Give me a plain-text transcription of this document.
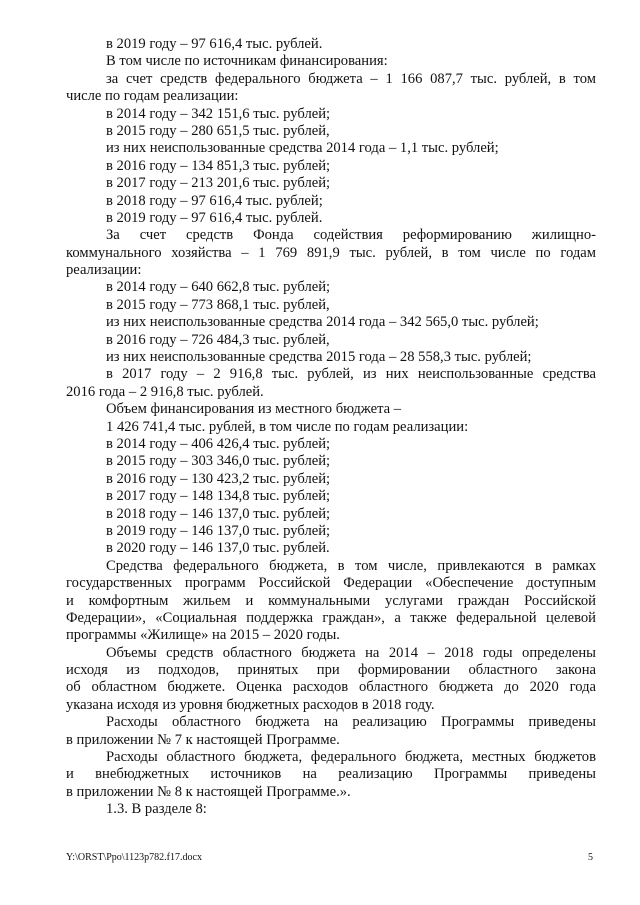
в 2019 году – 97 616,4 тыс. рублей.
В том числе по источникам финансирования:
за счет средств федерального бюджета – 1 166 087,7 тыс. рублей, в том
числе по годам реализации:
в 2014 году – 342 151,6 тыс. рублей;
в 2015 году – 280 651,5 тыс. рублей,
из них неиспользованные средства 2014 года – 1,1 тыс. рублей;
в 2016 году – 134 851,3 тыс. рублей;
в 2017 году – 213 201,6 тыс. рублей;
в 2018 году – 97 616,4 тыс. рублей;
в 2019 году – 97 616,4 тыс. рублей.
За счет средств Фонда содействия реформированию жилищно-
коммунального хозяйства – 1 769 891,9 тыс. рублей, в том числе по годам
реализации:
в 2014 году – 640 662,8 тыс. рублей;
в 2015 году – 773 868,1 тыс. рублей,
из них неиспользованные средства 2014 года – 342 565,0 тыс. рублей;
в 2016 году – 726 484,3 тыс. рублей,
из них неиспользованные средства 2015 года – 28 558,3 тыс. рублей;
в 2017 году – 2 916,8 тыс. рублей, из них неиспользованные средства
2016 года – 2 916,8 тыс. рублей.
Объем финансирования из местного бюджета –
1 426 741,4 тыс. рублей, в том числе по годам реализации:
в 2014 году – 406 426,4 тыс. рублей;
в 2015 году – 303 346,0 тыс. рублей;
в 2016 году – 130 423,2 тыс. рублей;
в 2017 году – 148 134,8 тыс. рублей;
в 2018 году – 146 137,0 тыс. рублей;
в 2019 году – 146 137,0 тыс. рублей;
в 2020 году – 146 137,0 тыс. рублей.
Средства федерального бюджета, в том числе, привлекаются в рамках
государственных программ Российской Федерации «Обеспечение доступным
и комфортным жильем и коммунальными услугами граждан Российской
Федерации», «Социальная поддержка граждан», а также федеральной целевой
программы «Жилище» на 2015 – 2020 годы.
Объемы средств областного бюджета на 2014 – 2018 годы определены
исходя из подходов, принятых при формировании областного закона
об областном бюджете. Оценка расходов областного бюджета до 2020 года
указана исходя из уровня бюджетных расходов в 2018 году.
Расходы областного бюджета на реализацию Программы приведены
в приложении № 7 к настоящей Программе.
Расходы областного бюджета, федерального бюджета, местных бюджетов
и внебюджетных источников на реализацию Программы приведены
в приложении № 8 к настоящей Программе.».
1.3. В разделе 8:
Y:\ORST\Ppo\1123p782.f17.docx	5
